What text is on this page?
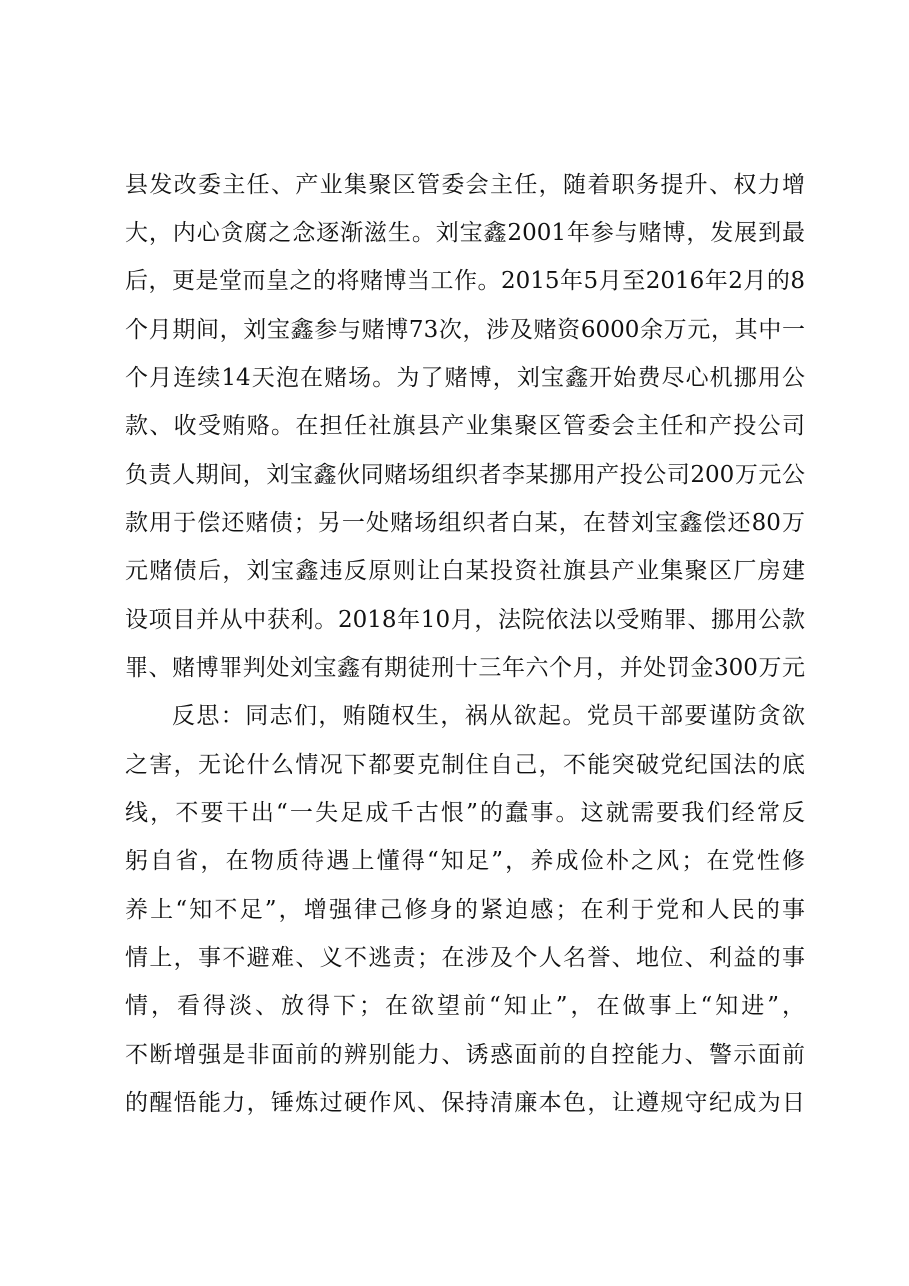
县发改委主任、产业集聚区管委会主任，随着职务提升、权力增
大，内心贪腐之念逐渐滋生。刘宝鑫2001年参与赌博，发展到最
后，更是堂而皇之的将赌博当工作。2015年5月至2016年2月的8
个月期间，刘宝鑫参与赌博73次，涉及赌资6000余万元，其中一
个月连续14天泡在赌场。为了赌博，刘宝鑫开始费尽心机挪用公
款、收受贿赂。在担任社旗县产业集聚区管委会主任和产投公司
负责人期间，刘宝鑫伙同赌场组织者李某挪用产投公司200万元公
款用于偿还赌债；另一处赌场组织者白某，在替刘宝鑫偿还80万
元赌债后，刘宝鑫违反原则让白某投资社旗县产业集聚区厂房建
设项目并从中获利。2018年10月，法院依法以受贿罪、挪用公款
罪、赌博罪判处刘宝鑫有期徒刑十三年六个月，并处罚金300万元
反思：同志们，贿随权生，祸从欲起。党员干部要谨防贪欲
之害，无论什么情况下都要克制住自己，不能突破党纪国法的底
线，不要干出“一失足成千古恨”的蠢事。这就需要我们经常反
躬自省，在物质待遇上懂得“知足”，养成俭朴之风；在党性修
养上“知不足”，增强律己修身的紧迫感；在利于党和人民的事
情上，事不避难、义不逃责；在涉及个人名誉、地位、利益的事
情，看得淡、放得下；在欲望前“知止”，在做事上“知进”，
不断增强是非面前的辨别能力、诱惑面前的自控能力、警示面前
的醒悟能力，锤炼过硬作风、保持清廉本色，让遵规守纪成为日
